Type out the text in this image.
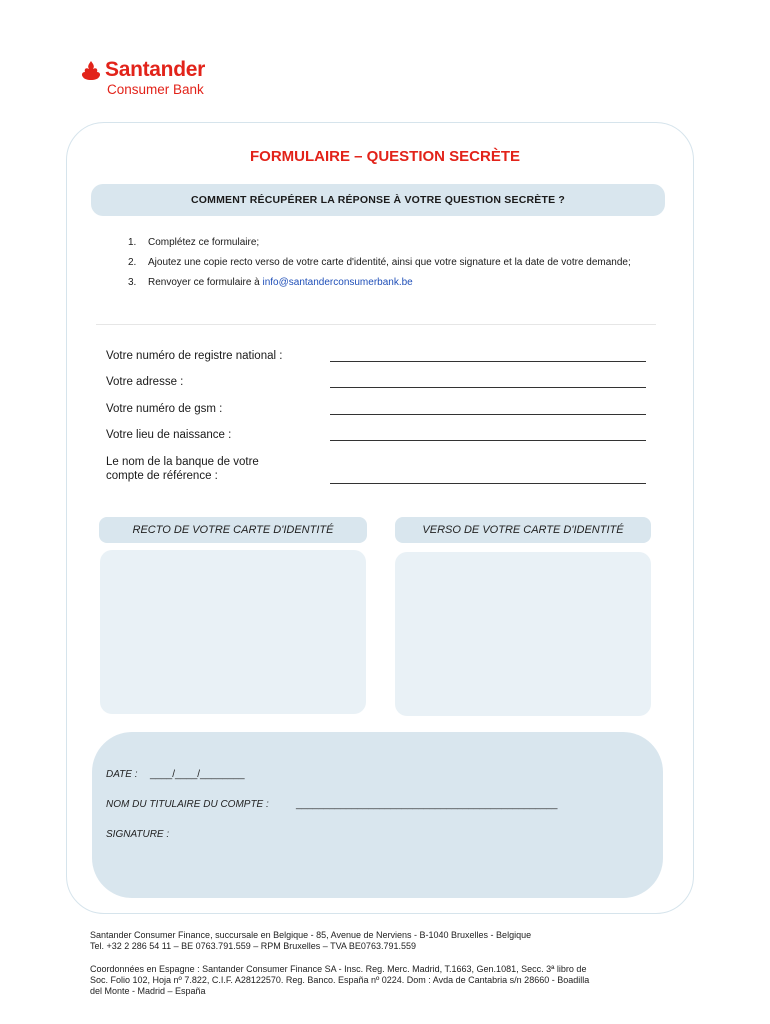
Santander
Consumer Bank
FORMULAIRE – QUESTION SECRÈTE
COMMENT RÉCUPÉRER LA RÉPONSE À VOTRE QUESTION SECRÈTE ?
1. Complétez ce formulaire;
2. Ajoutez une copie recto verso de votre carte d'identité, ainsi que votre signature et la date de votre demande;
3. Renvoyer ce formulaire à info@santanderconsumerbank.be
Votre numéro de registre national :
Votre adresse :
Votre numéro de gsm :
Votre lieu de naissance :
Le nom de la banque de votre
compte de référence :
RECTO DE VOTRE CARTE D'IDENTITÉ	VERSO DE VOTRE CARTE D'IDENTITÉ
DATE : ____/____/________
NOM DU TITULAIRE DU COMPTE :	_______________________________________________
SIGNATURE :
Santander Consumer Finance, succursale en Belgique - 85, Avenue de Nerviens - B-1040 Bruxelles - Belgique
Tel. +32 2 286 54 11 – BE 0763.791.559 – RPM Bruxelles – TVA BE0763.791.559
Coordonnées en Espagne : Santander Consumer Finance SA - Insc. Reg. Merc. Madrid, T.1663, Gen.1081, Secc. 3ª libro de
Soc. Folio 102, Hoja nº 7.822, C.I.F. A28122570. Reg. Banco. España nº 0224. Dom : Avda de Cantabria s/n 28660 - Boadilla
del Monte - Madrid – España
